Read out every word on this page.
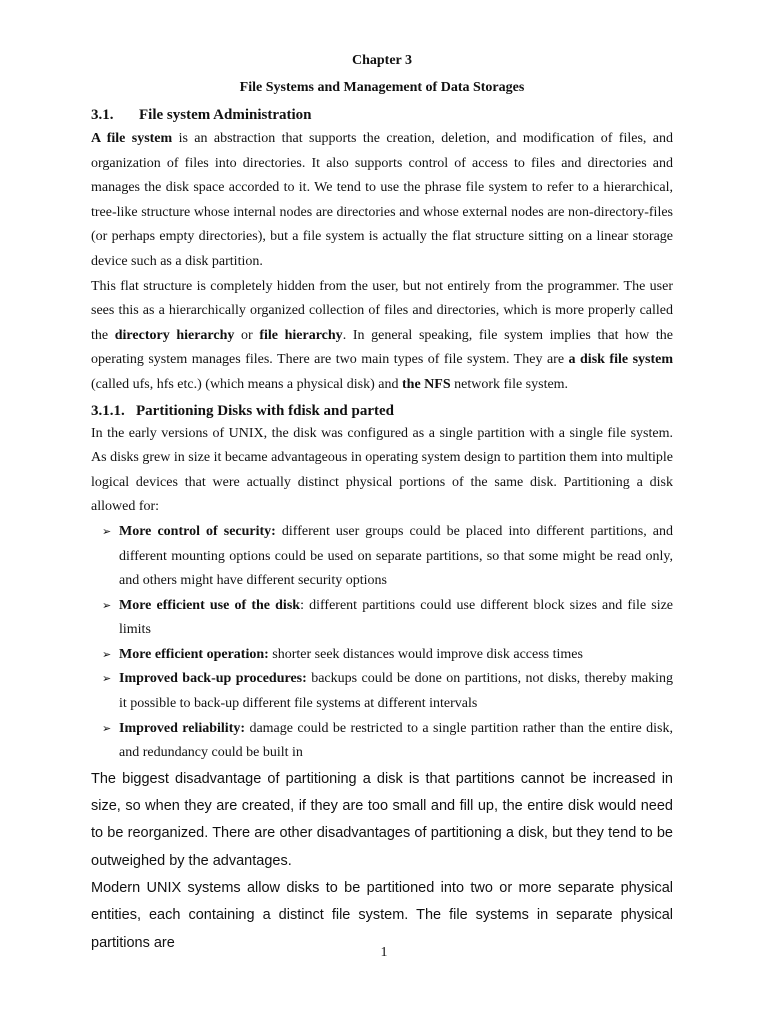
Chapter 3
File Systems and Management of Data Storages
3.1. File system Administration

A file system is an abstraction that supports the creation, deletion, and modification of files, and organization of files into directories. It also supports control of access to files and directories and manages the disk space accorded to it. We tend to use the phrase file system to refer to a hierarchical, tree-like structure whose internal nodes are directories and whose external nodes are non-directory-files (or perhaps empty directories), but a file system is actually the flat structure sitting on a linear storage device such as a disk partition.

This flat structure is completely hidden from the user, but not entirely from the programmer. The user sees this as a hierarchically organized collection of files and directories, which is more properly called the directory hierarchy or file hierarchy. In general speaking, file system implies that how the operating system manages files. There are two main types of file system. They are a disk file system (called ufs, hfs etc.) (which means a physical disk) and the NFS network file system.

3.1.1. Partitioning Disks with fdisk and parted

In the early versions of UNIX, the disk was configured as a single partition with a single file system. As disks grew in size it became advantageous in operating system design to partition them into multiple logical devices that were actually distinct physical portions of the same disk. Partitioning a disk allowed for:

➢ More control of security: different user groups could be placed into different partitions, and different mounting options could be used on separate partitions, so that some might be read only, and others might have different security options
➢ More efficient use of the disk: different partitions could use different block sizes and file size limits
➢ More efficient operation: shorter seek distances would improve disk access times
➢ Improved back-up procedures: backups could be done on partitions, not disks, thereby making it possible to back-up different file systems at different intervals
➢ Improved reliability: damage could be restricted to a single partition rather than the entire disk, and redundancy could be built in

The biggest disadvantage of partitioning a disk is that partitions cannot be increased in size, so when they are created, if they are too small and fill up, the entire disk would need to be reorganized. There are other disadvantages of partitioning a disk, but they tend to be outweighed by the advantages.

Modern UNIX systems allow disks to be partitioned into two or more separate physical entities, each containing a distinct file system. The file systems in separate physical partitions are

1
